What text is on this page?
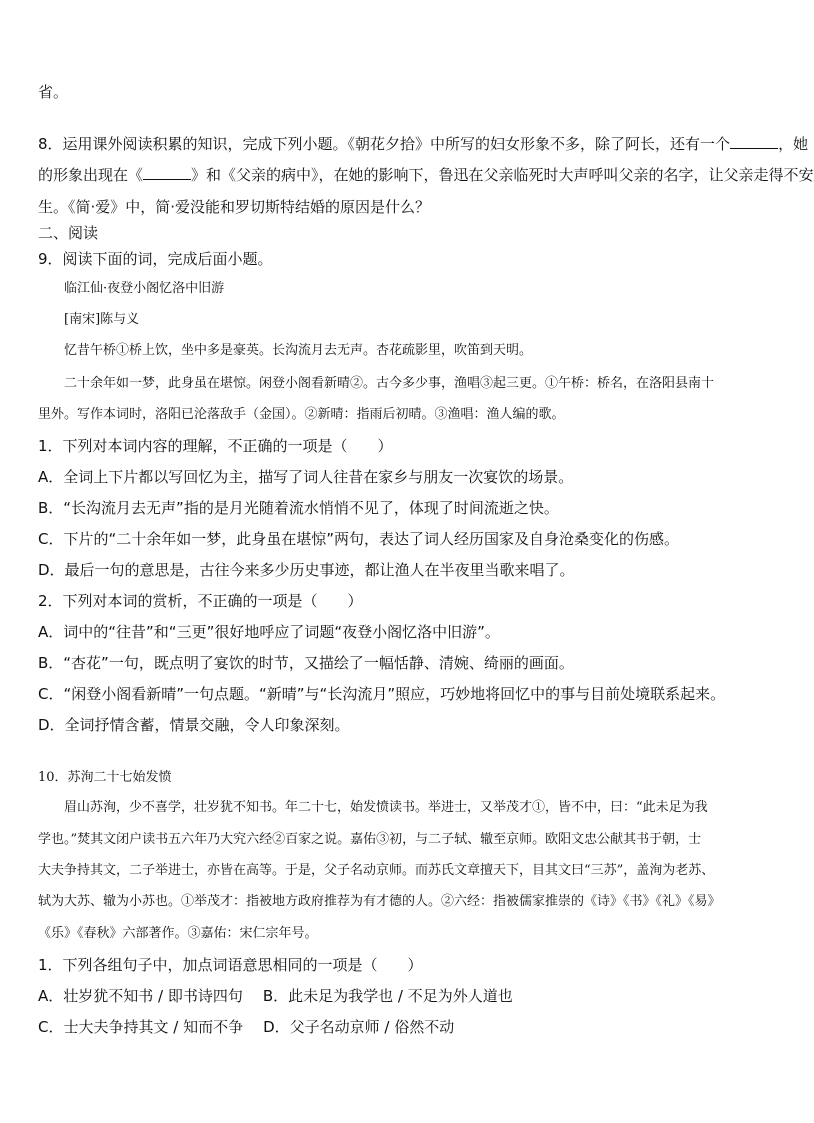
省。
8．运用课外阅读积累的知识，完成下列小题。《朝花夕拾》中所写的妇女形象不多，除了阿长，还有一个	，她
的形象出现在《	》和《父亲的病中》，在她的影响下，鲁迅在父亲临死时大声呼叫父亲的名字，让父亲走得不安
生。《简·爱》中，简·爱没能和罗切斯特结婚的原因是什么？
二、阅读
9．阅读下面的词，完成后面小题。
临江仙·夜登小阁忆洛中旧游
[南宋]陈与义
忆昔午桥①桥上饮，坐中多是豪英。长沟流月去无声。杏花疏影里，吹笛到天明。
二十余年如一梦，此身虽在堪惊。闲登小阁看新晴②。古今多少事，渔唱③起三更。①午桥：桥名，在洛阳县南十
里外。写作本词时，洛阳已沦落敌手（金国）。②新晴：指雨后初晴。③渔唱：渔人编的歌。
1．下列对本词内容的理解，不正确的一项是（　　）
A．全词上下片都以写回忆为主，描写了词人往昔在家乡与朋友一次宴饮的场景。
B．“长沟流月去无声”指的是月光随着流水悄悄不见了，体现了时间流逝之快。
C．下片的“二十余年如一梦，此身虽在堪惊”两句，表达了词人经历国家及自身沧桑变化的伤感。
D．最后一句的意思是，古往今来多少历史事迹，都让渔人在半夜里当歌来唱了。
2．下列对本词的赏析，不正确的一项是（　　）
A．词中的“往昔”和“三更”很好地呼应了词题“夜登小阁忆洛中旧游”。
B．“杏花”一句，既点明了宴饮的时节，又描绘了一幅恬静、清婉、绮丽的画面。
C．“闲登小阁看新晴”一句点题。“新晴”与“长沟流月”照应，巧妙地将回忆中的事与目前处境联系起来。
D．全词抒情含蓄，情景交融，令人印象深刻。
10．苏洵二十七始发愤
眉山苏洵，少不喜学，壮岁犹不知书。年二十七，始发愤读书。举进士，又举茂才①，皆不中，曰：“此未足为我
学也。”焚其文闭户读书五六年乃大究六经②百家之说。嘉佑③初，与二子轼、辙至京师。欧阳文忠公献其书于朝，士
大夫争持其文，二子举进士，亦皆在高等。于是，父子名动京师。而苏氏文章擅天下，目其文曰“三苏”，盖洵为老苏、
轼为大苏、辙为小苏也。①举茂才：指被地方政府推荐为有才德的人。②六经：指被儒家推崇的《诗》《书》《礼》《易》
《乐》《春秋》六部著作。③嘉佑：宋仁宗年号。
1．下列各组句子中，加点词语意思相同的一项是（　　）
A．壮岁犹不知书 / 即书诗四句 B．此未足为我学也 / 不足为外人道也
C．士大夫争持其文 / 知而不争 D．父子名动京师 / 俗然不动
